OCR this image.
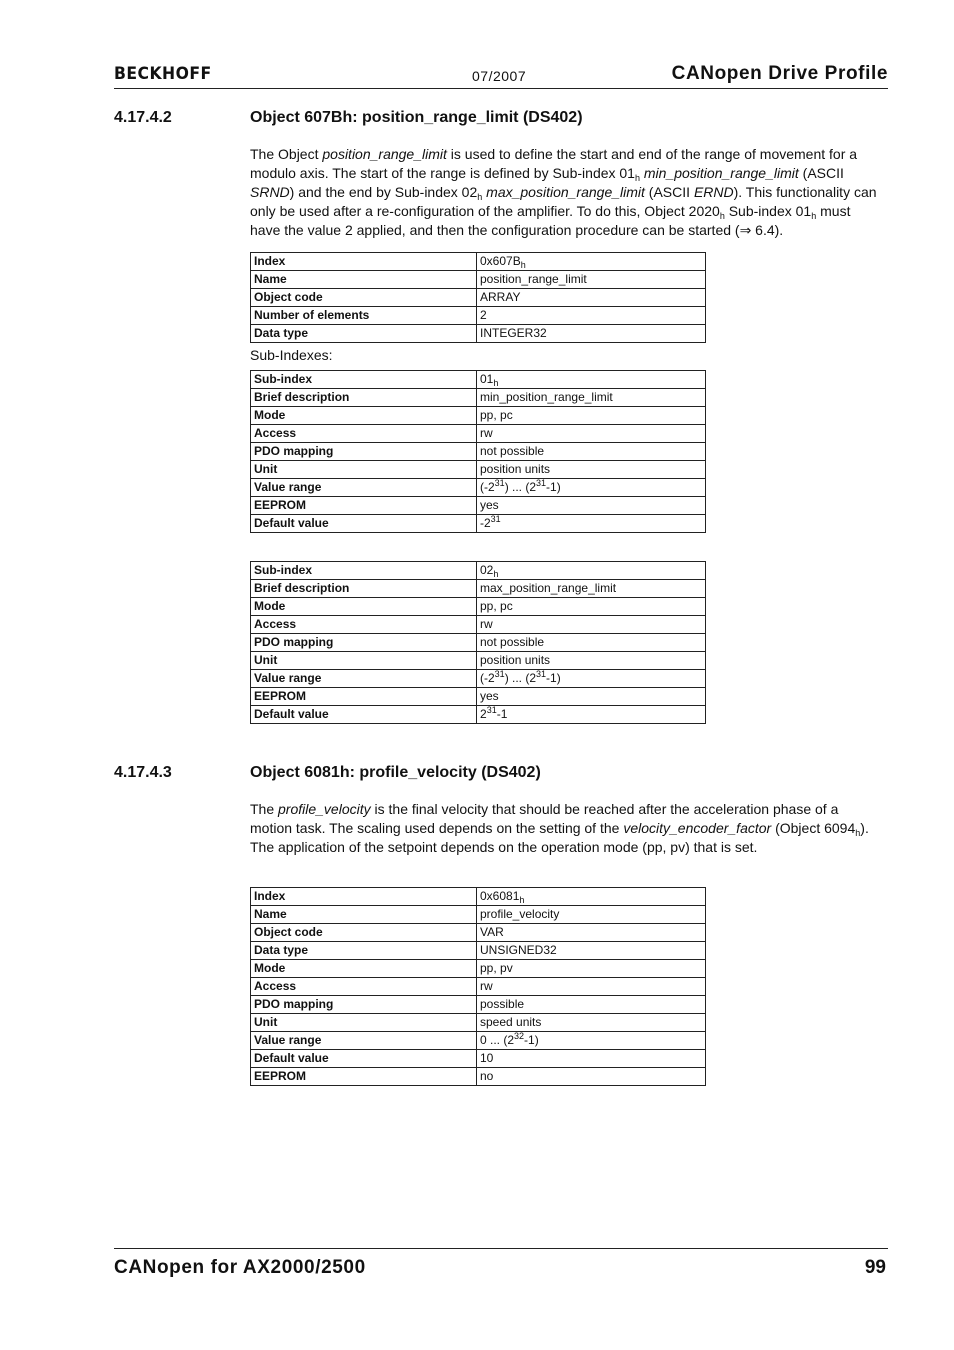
BECKHOFF	07/2007	CANopen Drive Profile
4.17.4.2	Object 607Bh: position_range_limit (DS402)

The Object position_range_limit is used to define the start and end of the range of movement for a modulo axis. The start of the range is defined by Sub-index $01_h$ min_position_range_limit (ASCII SRND) and the end by Sub-index $02_h$ max_position_range_limit (ASCII ERND). This functionality can only be used after a re-configuration of the amplifier. To do this, Object $2020_h$ Sub-index $01_h$ must have the value 2 applied, and then the configuration procedure can be started (⇒ 6.4).

Index	$0x607B_h$
Name	position_range_limit
Object code	ARRAY
Number of elements	2
Data type	INTEGER32
Sub-Indexes:
Sub-index	$01_h$
Brief description	min_position_range_limit
Mode	pp, pc
Access	rw
PDO mapping	not possible
Unit	position units
Value range	$(-2^{31})$ ... $(2^{31}-1)$
EEPROM	yes
Default value	$-2^{31}$
Sub-index	$02_h$
Brief description	max_position_range_limit
Mode	pp, pc
Access	rw
PDO mapping	not possible
Unit	position units
Value range	$(-2^{31})$ ... $(2^{31}-1)$
EEPROM	yes
Default value	$2^{31}-1$
4.17.4.3	Object 6081h: profile_velocity (DS402)

The profile_velocity is the final velocity that should be reached after the acceleration phase of a motion task. The scaling used depends on the setting of the velocity_encoder_factor (Object $6094_h$).

The application of the setpoint depends on the operation mode (pp, pv) that is set.

Index	$0x6081_h$
Name	profile_velocity
Object code	VAR
Data type	UNSIGNED32
Mode	pp, pv
Access	rw
PDO mapping	possible
Unit	speed units
Value range	0 ... $(2^{32}-1)$
Default value	10
EEPROM	no
CANopen for AX2000/2500	99
